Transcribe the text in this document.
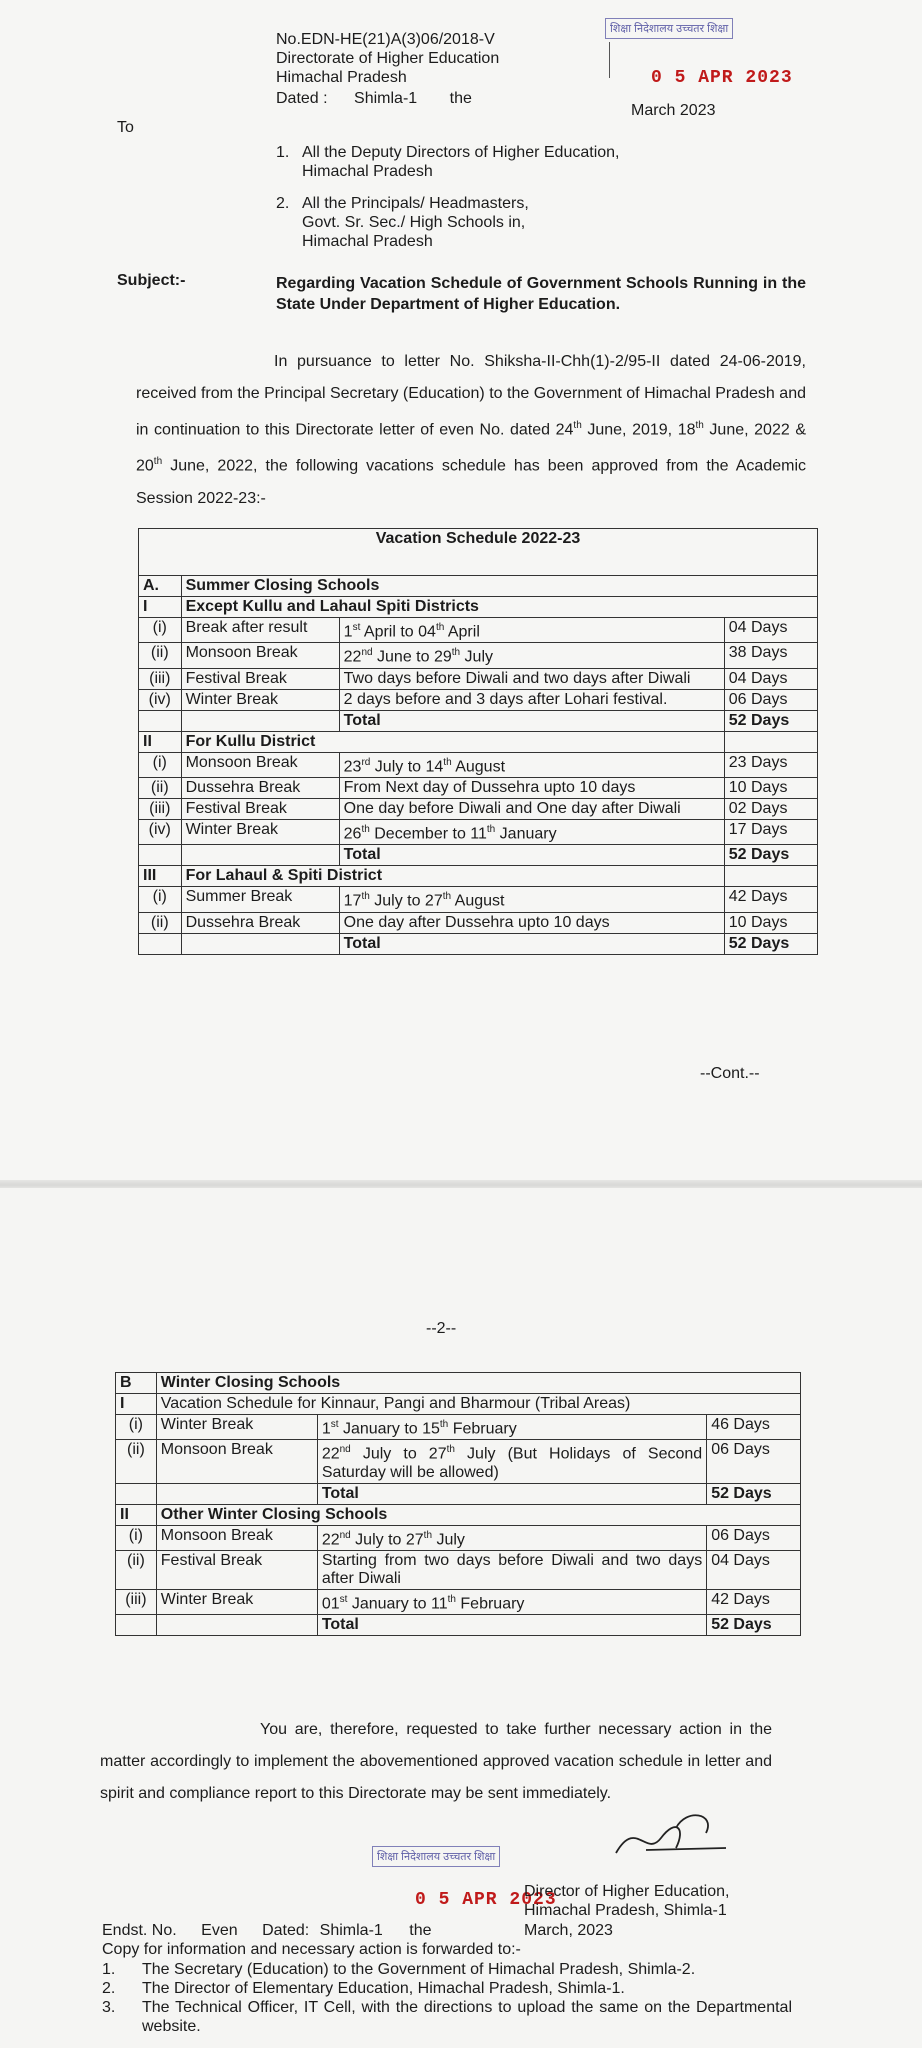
No.EDN-HE(21)A(3)06/2018-V
Directorate of Higher Education
Himachal Pradesh
Dated : Shimla-1 the
शिक्षा निदेशालय उच्चतर शिक्षा
0 5 APR 2023
March 2023
To
1. All the Deputy Directors of Higher Education,
Himachal Pradesh
2. All the Principals/ Headmasters,
Govt. Sr. Sec./ High Schools in,
Himachal Pradesh
Subject:-	Regarding Vacation Schedule of Government Schools Running in the State Under Department of Higher Education.
In pursuance to letter No. Shiksha-II-Chh(1)-2/95-II dated 24-06-2019, received from the Principal Secretary (Education) to the Government of Himachal Pradesh and in continuation to this Directorate letter of even No. dated 24th June, 2019, 18th June, 2022 & 20th June, 2022, the following vacations schedule has been approved from the Academic Session 2022-23:-
Vacation Schedule 2022-23			
A.	Summer Closing Schools		
I	Except Kullu and Lahaul Spiti Districts		
(i)	Break after result	1st April to 04th April	04 Days
(ii)	Monsoon Break	22nd June to 29th July	38 Days
(iii)	Festival Break	Two days before Diwali and two days after Diwali	04 Days
(iv)	Winter Break	2 days before and 3 days after Lohari festival.	06 Days
		Total	52 Days
II	For Kullu District		
(i)	Monsoon Break	23rd July to 14th August	23 Days
(ii)	Dussehra Break	From Next day of Dussehra upto 10 days	10 Days
(iii)	Festival Break	One day before Diwali and One day after Diwali	02 Days
(iv)	Winter Break	26th December to 11th January	17 Days
		Total	52 Days
III	For Lahaul & Spiti District		
(i)	Summer Break	17th July to 27th August	42 Days
(ii)	Dussehra Break	One day after Dussehra upto 10 days	10 Days
		Total	52 Days
--Cont.--
--2--
B	Winter Closing Schools		
I	Vacation Schedule for Kinnaur, Pangi and Bharmour (Tribal Areas)		
(i)	Winter Break	1st January to 15th February	46 Days
(ii)	Monsoon Break	22nd July to 27th July (But Holidays of Second Saturday will be allowed)	06 Days
		Total	52 Days
II	Other Winter Closing Schools		
(i)	Monsoon Break	22nd July to 27th July	06 Days
(ii)	Festival Break	Starting from two days before Diwali and two days after Diwali	04 Days
(iii)	Winter Break	01st January to 11th February	42 Days
		Total	52 Days
You are, therefore, requested to take further necessary action in the matter accordingly to implement the abovementioned approved vacation schedule in letter and spirit and compliance report to this Directorate may be sent immediately.
शिक्षा निदेशालय उच्चतर शिक्षा
0 5 APR 2023
Director of Higher Education,
Himachal Pradesh, Shimla-1
Endst. No. Even Dated: Shimla-1 the	March, 2023
Copy for information and necessary action is forwarded to:-
1.	The Secretary (Education) to the Government of Himachal Pradesh, Shimla-2.
2.	The Director of Elementary Education, Himachal Pradesh, Shimla-1.
3.	The Technical Officer, IT Cell, with the directions to upload the same on the Departmental website.
